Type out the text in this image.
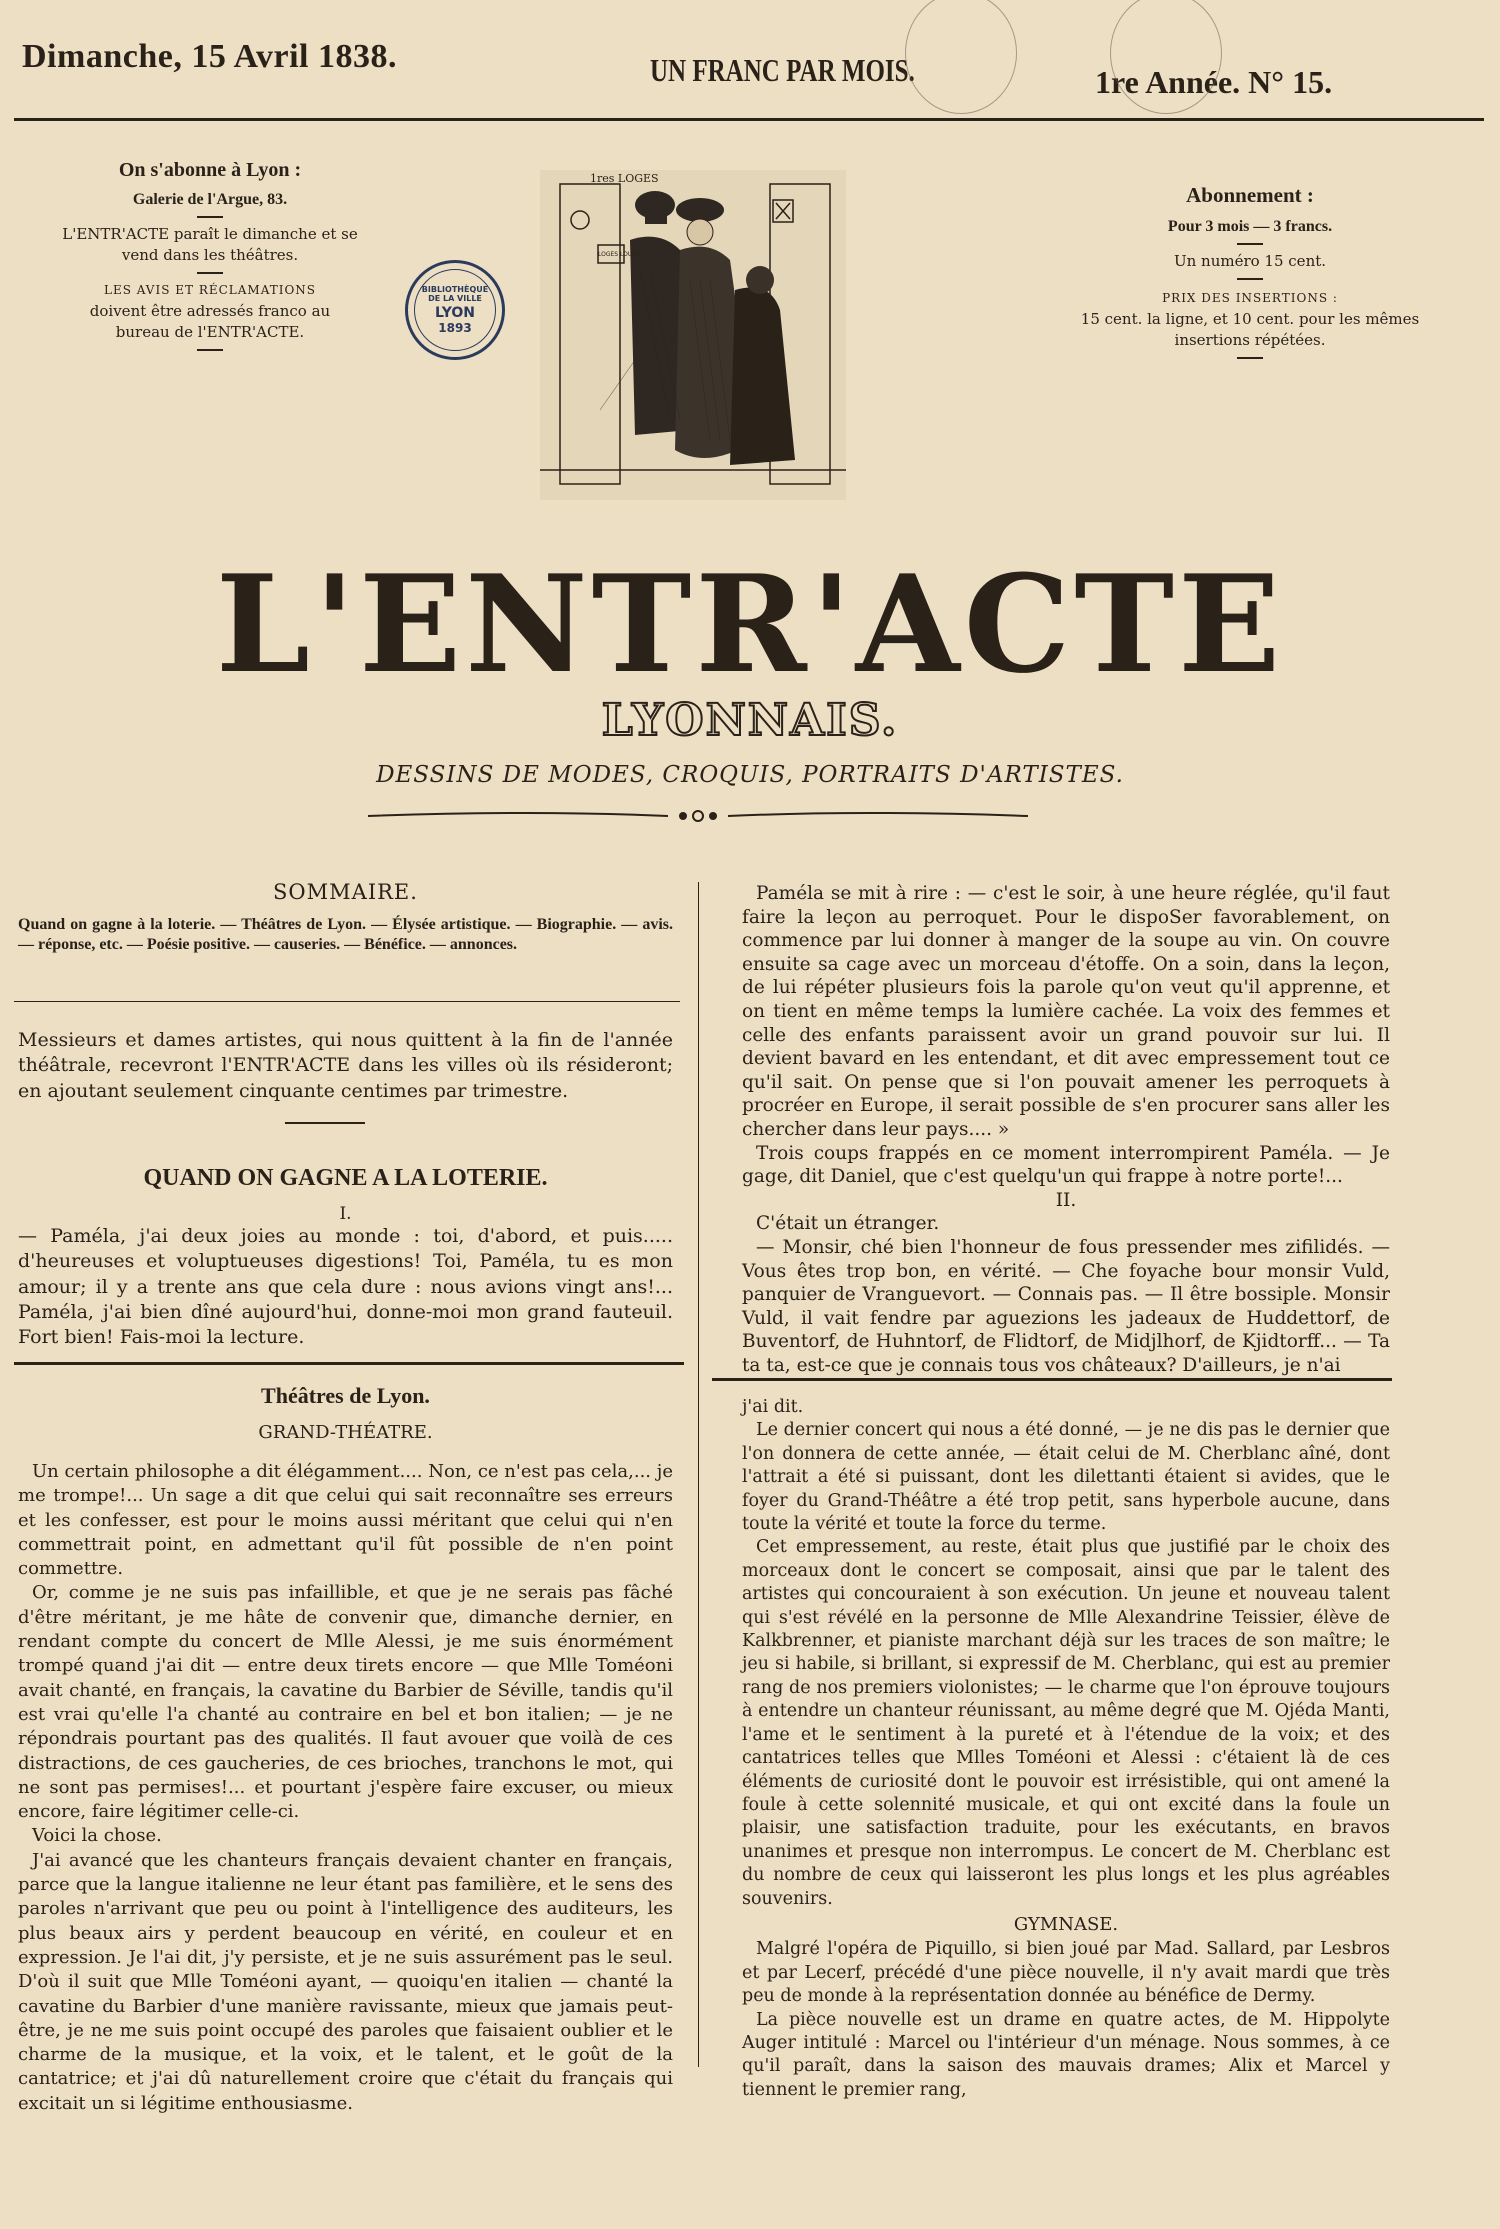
Dimanche, 15 Avril 1838.	UN FRANC PAR MOIS.	1re Année. N° 15.
On s'abonne à Lyon :
Galerie de l'Argue, 83.
L'ENTR'ACTE paraît le dimanche et se vend dans les théâtres.
LES AVIS ET RÉCLAMATIONS
doivent être adressés franco au bureau de l'ENTR'ACTE.
BIBLIOTHÈQUE DE LA VILLE
LYON
1893
1res LOGES
LOGES LOUÉE
Abonnement :
Pour 3 mois — 3 francs.
Un numéro 15 cent.
PRIX DES INSERTIONS :
15 cent. la ligne, et 10 cent. pour les mêmes insertions répétées.
L'ENTR'ACTE
LYONNAIS.
DESSINS DE MODES, CROQUIS, PORTRAITS D'ARTISTES.
SOMMAIRE.
Quand on gagne à la loterie. — Théâtres de Lyon. — Élysée artistique. — Biographie. — avis. — réponse, etc. — Poésie positive. — causeries. — Bénéfice. — annonces.
Messieurs et dames artistes, qui nous quittent à la fin de l'année théâtrale, recevront l'ENTR'ACTE dans les villes où ils résideront; en ajoutant seulement cinquante centimes par trimestre.
QUAND ON GAGNE A LA LOTERIE.
I.
— Paméla, j'ai deux joies au monde : toi, d'abord, et puis..... d'heureuses et voluptueuses digestions! Toi, Paméla, tu es mon amour; il y a trente ans que cela dure : nous avions vingt ans!... Paméla, j'ai bien dîné aujourd'hui, donne-moi mon grand fauteuil. Fort bien! Fais-moi la lecture.
Théâtres de Lyon.
GRAND-THÉATRE.

Un certain philosophe a dit élégamment.... Non, ce n'est pas cela,... je me trompe!... Un sage a dit que celui qui sait reconnaître ses erreurs et les confesser, est pour le moins aussi méritant que celui qui n'en commettrait point, en admettant qu'il fût possible de n'en point commettre.

Or, comme je ne suis pas infaillible, et que je ne serais pas fâché d'être méritant, je me hâte de convenir que, dimanche dernier, en rendant compte du concert de Mlle Alessi, je me suis énormément trompé quand j'ai dit — entre deux tirets encore — que Mlle Toméoni avait chanté, en français, la cavatine du Barbier de Séville, tandis qu'il est vrai qu'elle l'a chanté au contraire en bel et bon italien; — je ne répondrais pourtant pas des qualités. Il faut avouer que voilà de ces distractions, de ces gaucheries, de ces brioches, tranchons le mot, qui ne sont pas permises!... et pourtant j'espère faire excuser, ou mieux encore, faire légitimer celle-ci.

Voici la chose.

J'ai avancé que les chanteurs français devaient chanter en français, parce que la langue italienne ne leur étant pas familière, et le sens des paroles n'arrivant que peu ou point à l'intelligence des auditeurs, les plus beaux airs y perdent beaucoup en vérité, en couleur et en expression. Je l'ai dit, j'y persiste, et je ne suis assurément pas le seul. D'où il suit que Mlle Toméoni ayant, — quoiqu'en italien — chanté la cavatine du Barbier d'une manière ravissante, mieux que jamais peut-être, je ne me suis point occupé des paroles que faisaient oublier et le charme de la musique, et la voix, et le talent, et le goût de la cantatrice; et j'ai dû naturellement croire que c'était du français qui excitait un si légitime enthousiasme.

Paméla se mit à rire : — c'est le soir, à une heure réglée, qu'il faut faire la leçon au perroquet. Pour le dispoSer favorablement, on commence par lui donner à manger de la soupe au vin. On couvre ensuite sa cage avec un morceau d'étoffe. On a soin, dans la leçon, de lui répéter plusieurs fois la parole qu'on veut qu'il apprenne, et on tient en même temps la lumière cachée. La voix des femmes et celle des enfants paraissent avoir un grand pouvoir sur lui. Il devient bavard en les entendant, et dit avec empressement tout ce qu'il sait. On pense que si l'on pouvait amener les perroquets à procréer en Europe, il serait possible de s'en procurer sans aller les chercher dans leur pays.... »

Trois coups frappés en ce moment interrompirent Paméla. — Je gage, dit Daniel, que c'est quelqu'un qui frappe à notre porte!...

II.

C'était un étranger.

— Monsir, ché bien l'honneur de fous pressender mes zifilidés. — Vous êtes trop bon, en vérité. — Che foyache bour monsir Vuld, panquier de Vranguevort. — Connais pas. — Il être bossiple. Monsir Vuld, il vait fendre par aguezions les jadeaux de Huddettorf, de Buventorf, de Huhntorf, de Flidtorf, de Midjlhorf, de Kjidtorff... — Ta ta ta, est-ce que je connais tous vos châteaux? D'ailleurs, je n'ai

j'ai dit.

Le dernier concert qui nous a été donné, — je ne dis pas le dernier que l'on donnera de cette année, — était celui de M. Cherblanc aîné, dont l'attrait a été si puissant, dont les dilettanti étaient si avides, que le foyer du Grand-Théâtre a été trop petit, sans hyperbole aucune, dans toute la vérité et toute la force du terme.

Cet empressement, au reste, était plus que justifié par le choix des morceaux dont le concert se composait, ainsi que par le talent des artistes qui concouraient à son exécution. Un jeune et nouveau talent qui s'est révélé en la personne de Mlle Alexandrine Teissier, élève de Kalkbrenner, et pianiste marchant déjà sur les traces de son maître; le jeu si habile, si brillant, si expressif de M. Cherblanc, qui est au premier rang de nos premiers violonistes; — le charme que l'on éprouve toujours à entendre un chanteur réunissant, au même degré que M. Ojéda Manti, l'ame et le sentiment à la pureté et à l'étendue de la voix; et des cantatrices telles que Mlles Toméoni et Alessi : c'étaient là de ces éléments de curiosité dont le pouvoir est irrésistible, qui ont amené la foule à cette solennité musicale, et qui ont excité dans la foule un plaisir, une satisfaction traduite, pour les exécutants, en bravos unanimes et presque non interrompus. Le concert de M. Cherblanc est du nombre de ceux qui laisseront les plus longs et les plus agréables souvenirs.

GYMNASE.

Malgré l'opéra de Piquillo, si bien joué par Mad. Sallard, par Lesbros et par Lecerf, précédé d'une pièce nouvelle, il n'y avait mardi que très peu de monde à la représentation donnée au bénéfice de Dermy.

La pièce nouvelle est un drame en quatre actes, de M. Hippolyte Auger intitulé : Marcel ou l'intérieur d'un ménage. Nous sommes, à ce qu'il paraît, dans la saison des mauvais drames; Alix et Marcel y tiennent le premier rang,
